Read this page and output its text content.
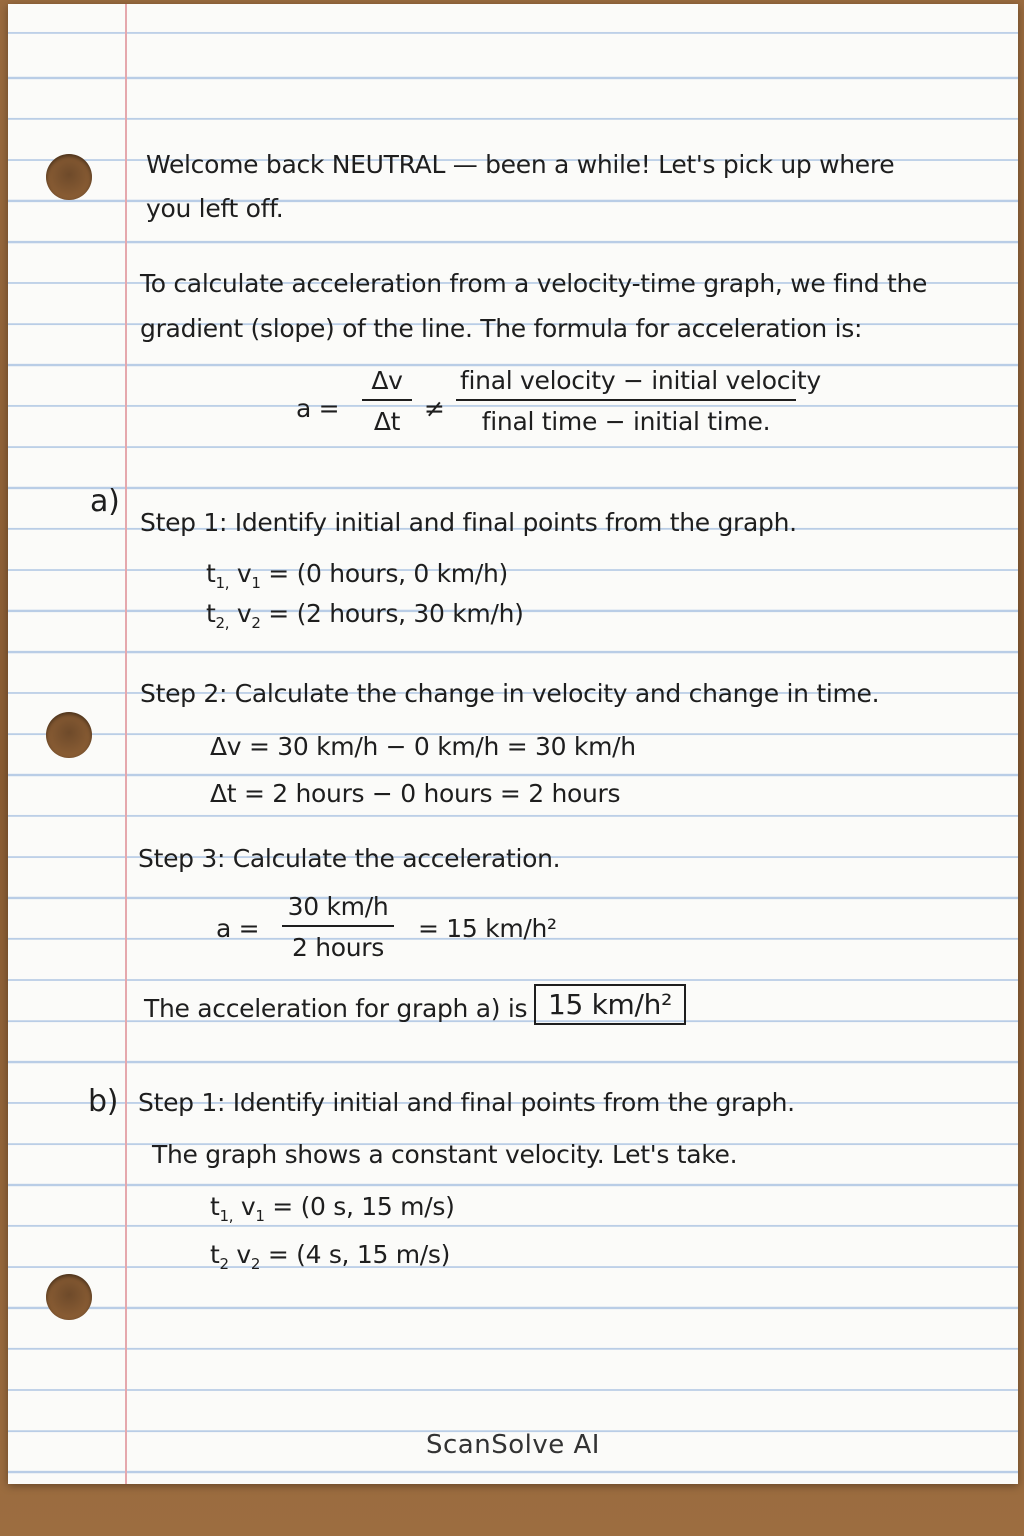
Welcome back NEUTRAL — been a while! Let's pick up where
you left off.
To calculate acceleration from a velocity-time graph, we find the
gradient (slope) of the line. The formula for acceleration is:
$a = \frac{\Delta v}{\Delta t}$ ≠
final velocity − initial velocity
final time − initial time.
a)
Step 1: Identify initial and final points from the graph.
$t_{1,}$ $v_1 = (0$ hours, 0 km/h)
$t_{2,}$ $v_2 = (2$ hours, 30 km/h)
Step 2: Calculate the change in velocity and change in time.
Δv = 30 km/h − 0 km/h = 30 km/h
Δt = 2 hours − 0 hours = 2 hours
Step 3: Calculate the acceleration.
a =
30 km/h
2 hours
= 15 km/h²
The acceleration for graph a) is 15 km/h²
b) Step 1: Identify initial and final points from the graph.
The graph shows a constant velocity. Let's take.
$t_{1,}$ $v_1 = (0$ s, 15 m/s)
$t_2$ $v_2 = (4$ s, 15 m/s)
ScanSolve AI
